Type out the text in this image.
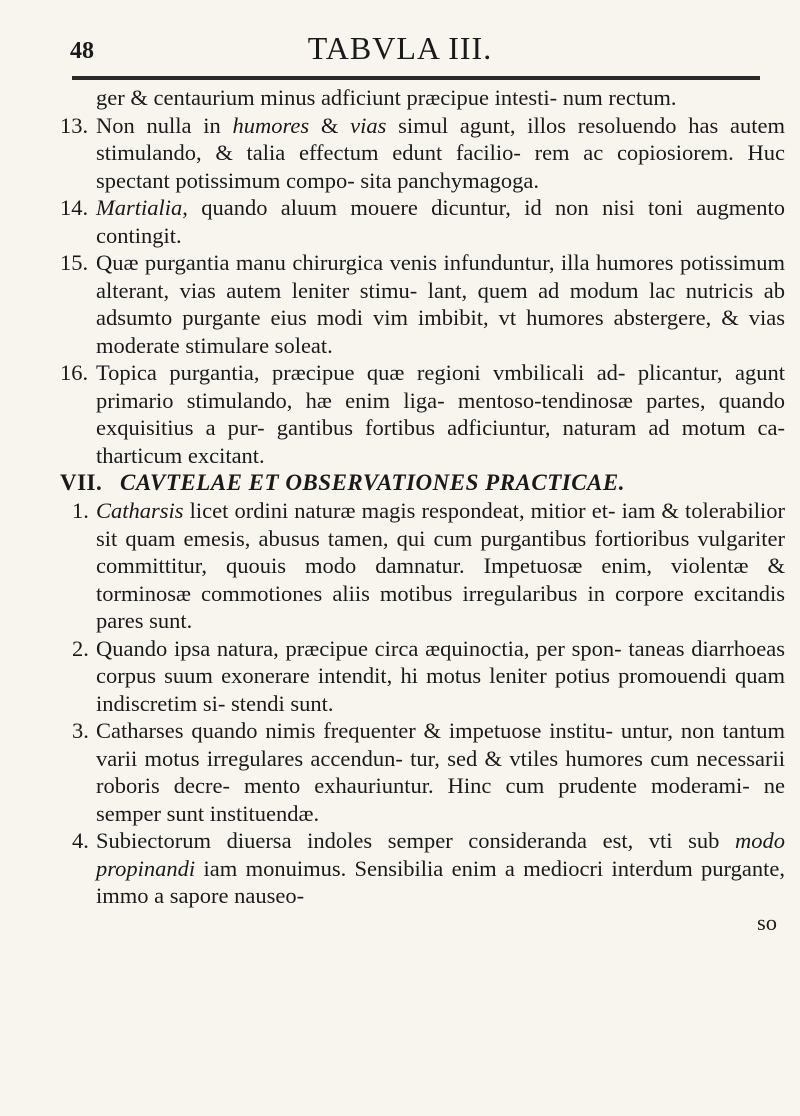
48	TABVLA III.

ger & centaurium minus adficiunt præcipue intesti- num rectum.

13. Non nulla in humores & vias simul agunt, illos resoluendo has autem stimulando, & talia effectum edunt facilio- rem ac copiosiorem. Huc spectant potissimum compo- sita panchymagoga.

14. Martialia, quando aluum mouere dicuntur, id non nisi toni augmento contingit.

15. Quæ purgantia manu chirurgica venis infunduntur, illa humores potissimum alterant, vias autem leniter stimu- lant, quem ad modum lac nutricis ab adsumto purgante eius modi vim imbibit, vt humores abstergere, & vias moderate stimulare soleat.

16. Topica purgantia, præcipue quæ regioni vmbilicali ad- plicantur, agunt primario stimulando, hæ enim liga- mentoso-tendinosæ partes, quando exquisitius a pur- gantibus fortibus adficiuntur, naturam ad motum ca- tharticum excitant.

VII. CAVTELAE ET OBSERVATIONES PRACTICAE.

1. Catharsis licet ordini naturæ magis respondeat, mitior et- iam & tolerabilior sit quam emesis, abusus tamen, qui cum purgantibus fortioribus vulgariter committitur, quouis modo damnatur. Impetuosæ enim, violentæ & torminosæ commotiones aliis motibus irregularibus in corpore excitandis pares sunt.

2. Quando ipsa natura, præcipue circa æquinoctia, per spon- taneas diarrhoeas corpus suum exonerare intendit, hi motus leniter potius promouendi quam indiscretim si- stendi sunt.

3. Catharses quando nimis frequenter & impetuose institu- untur, non tantum varii motus irregulares accendun- tur, sed & vtiles humores cum necessarii roboris decre- mento exhauriuntur. Hinc cum prudente moderami- ne semper sunt instituendæ.

4. Subiectorum diuersa indoles semper consideranda est, vti sub modo propinandi iam monuimus. Sensibilia enim a mediocri interdum purgante, immo a sapore nauseo-

so
